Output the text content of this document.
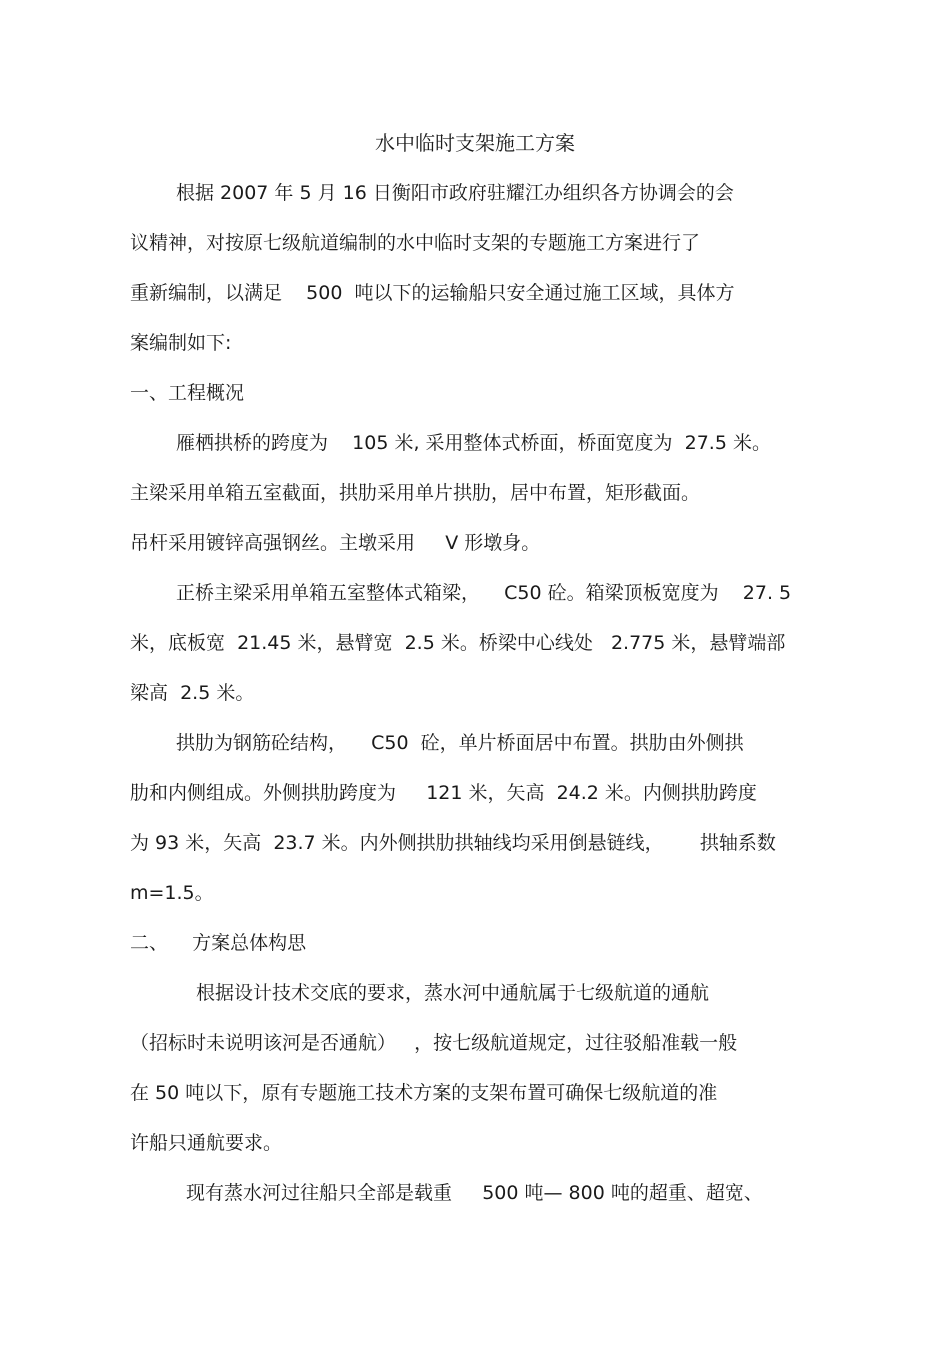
水中临时支架施工方案
根据 2007 年 5 月 16 日衡阳市政府驻耀江办组织各方协调会的会
议精神，对按原七级航道编制的水中临时支架的专题施工方案进行了
重新编制，以满足    500  吨以下的运输船只安全通过施工区域，具体方
案编制如下:
一、工程概况
雁栖拱桥的跨度为    105 米, 采用整体式桥面，桥面宽度为  27.5 米。
主梁采用单箱五室截面，拱肋采用单片拱肋，居中布置，矩形截面。
吊杆采用镀锌高强钢丝。主墩采用     V 形墩身。
正桥主梁采用单箱五室整体式箱梁，    C50 砼。箱梁顶板宽度为    27. 5
米，底板宽  21.45 米，悬臂宽  2.5 米。桥梁中心线处   2.775 米，悬臂端部
梁高  2.5 米。
拱肋为钢筋砼结构，    C50  砼，单片桥面居中布置。拱肋由外侧拱
肋和内侧组成。外侧拱肋跨度为     121 米，矢高  24.2 米。内侧拱肋跨度
为 93 米，矢高  23.7 米。内外侧拱肋拱轴线均采用倒悬链线，      拱轴系数
m=1.5。
二、    方案总体构思
根据设计技术交底的要求，蒸水河中通航属于七级航道的通航
（招标时未说明该河是否通航）   ，按七级航道规定，过往驳船准载一般
在 50 吨以下，原有专题施工技术方案的支架布置可确保七级航道的准
许船只通航要求。
现有蒸水河过往船只全部是载重     500 吨— 800 吨的超重、超宽、
